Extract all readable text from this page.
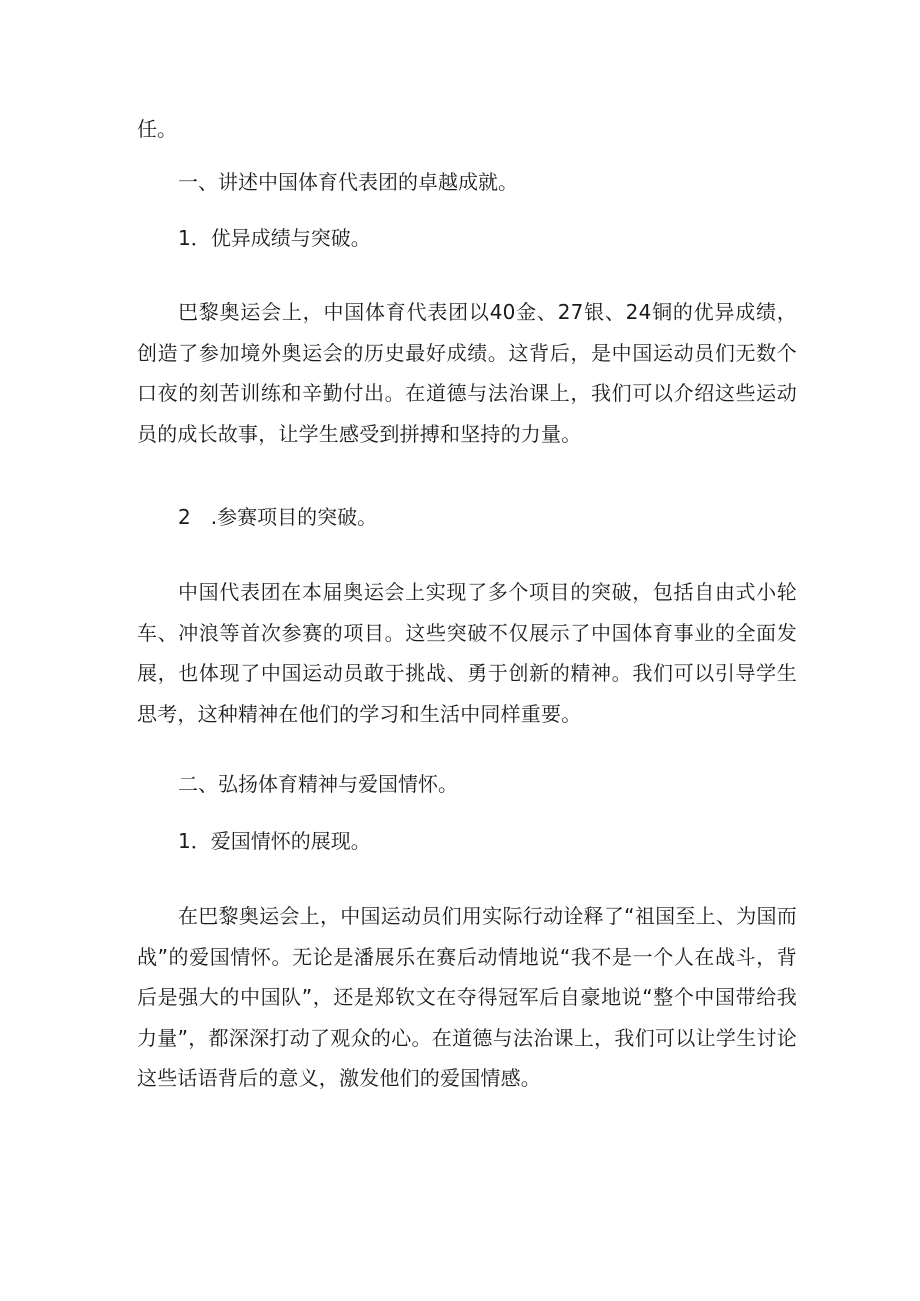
任。

一、讲述中国体育代表团的卓越成就。

1．优异成绩与突破。

巴黎奥运会上，中国体育代表团以40金、27银、24铜的优异成绩，创造了参加境外奥运会的历史最好成绩。这背后，是中国运动员们无数个口夜的刻苦训练和辛勤付出。在道德与法治课上，我们可以介绍这些运动员的成长故事，让学生感受到拼搏和坚持的力量。

2　.参赛项目的突破。

中国代表团在本届奥运会上实现了多个项目的突破，包括自由式小轮车、冲浪等首次参赛的项目。这些突破不仅展示了中国体育事业的全面发展，也体现了中国运动员敢于挑战、勇于创新的精神。我们可以引导学生思考，这种精神在他们的学习和生活中同样重要。

二、弘扬体育精神与爱国情怀。

1．爱国情怀的展现。

在巴黎奥运会上，中国运动员们用实际行动诠释了“祖国至上、为国而战”的爱国情怀。无论是潘展乐在赛后动情地说“我不是一个人在战斗，背后是强大的中国队”，还是郑钦文在夺得冠军后自豪地说“整个中国带给我力量”，都深深打动了观众的心。在道德与法治课上，我们可以让学生讨论这些话语背后的意义，激发他们的爱国情感。
